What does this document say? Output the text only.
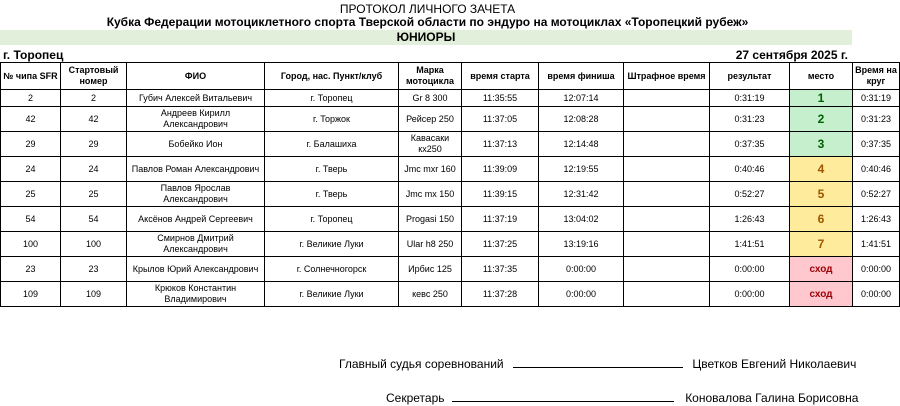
ПРОТОКОЛ ЛИЧНОГО ЗАЧЕТА
Кубка Федерации мотоциклетного спорта Тверской области по эндуро на мотоциклах «Торопецкий рубеж»
ЮНИОРЫ
г. Торопец	27 сентября 2025 г.
№ чипа SFR	Стартовый номер	ФИО	Город, нас. Пункт/клуб	Марка мотоцикла	время старта	время финиша	Штрафное время	результат	место	Время на круг
2	2	Губич Алексей Витальевич	г. Торопец	Gr 8 300	11:35:55	12:07:14		0:31:19	1	0:31:19
42	42	Андреев Кирилл Александрович	г. Торжок	Рейсер 250	11:37:05	12:08:28		0:31:23	2	0:31:23
29	29	Бобейко Ион	г. Балашиха	Кавасаки кх250	11:37:13	12:14:48		0:37:35	3	0:37:35
24	24	Павлов Роман Александрович	г. Тверь	Jmc mxr 160	11:39:09	12:19:55		0:40:46	4	0:40:46
25	25	Павлов Ярослав Александрович	г. Тверь	Jmc mx 150	11:39:15	12:31:42		0:52:27	5	0:52:27
54	54	Аксёнов Андрей Сергеевич	г. Торопец	Progasi 150	11:37:19	13:04:02		1:26:43	6	1:26:43
100	100	Смирнов Дмитрий Александрович	г. Великие Луки	Ular h8 250	11:37:25	13:19:16		1:41:51	7	1:41:51
23	23	Крылов Юрий Александрович	г. Солнечногорск	Ирбис 125	11:37:35	0:00:00		0:00:00	сход	0:00:00
109	109	Крюков Константин Владимирович	г. Великие Луки	кевс 250	11:37:28	0:00:00		0:00:00	сход	0:00:00
Главный судья соревнований	Цветков Евгений Николаевич
Секретарь	Коновалова Галина Борисовна
